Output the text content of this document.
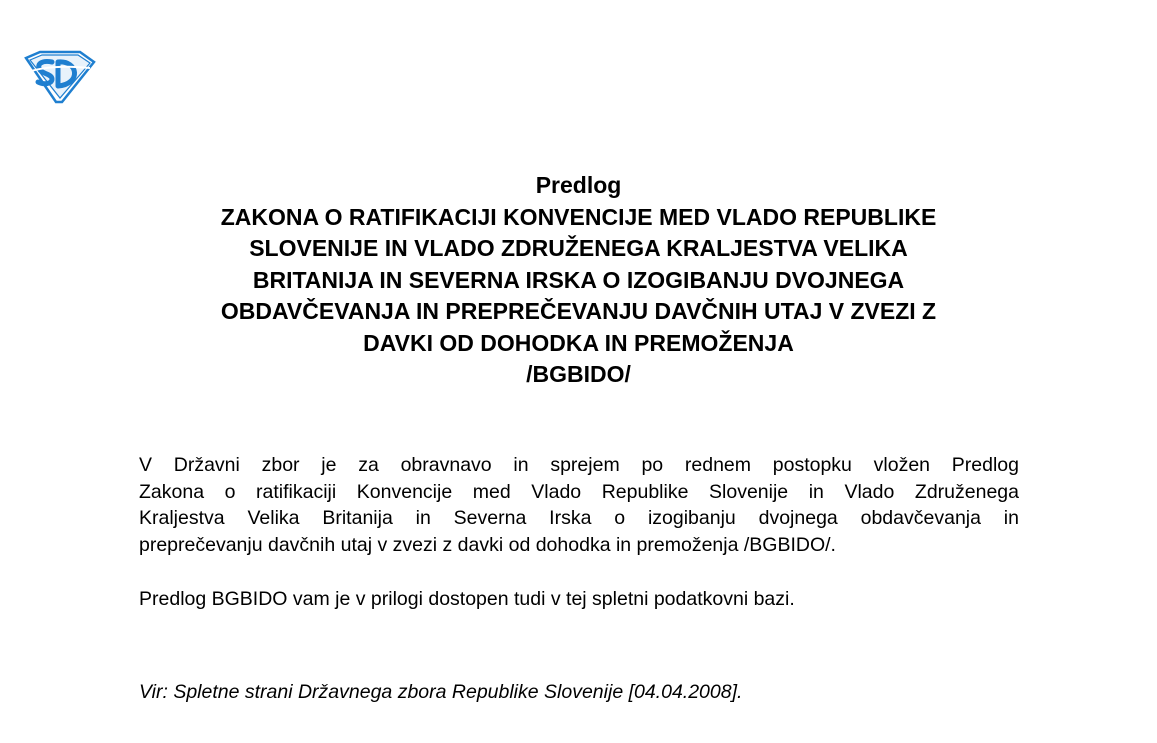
Predlog
ZAKONA O RATIFIKACIJI KONVENCIJE MED VLADO REPUBLIKE
SLOVENIJE IN VLADO ZDRUŽENEGA KRALJESTVA VELIKA
BRITANIJA IN SEVERNA IRSKA O IZOGIBANJU DVOJNEGA
OBDAVČEVANJA IN PREPREČEVANJU DAVČNIH UTAJ V ZVEZI Z
DAVKI OD DOHODKA IN PREMOŽENJA
/BGBIDO/
V Državni zbor je za obravnavo in sprejem po rednem postopku vložen Predlog
Zakona o ratifikaciji Konvencije med Vlado Republike Slovenije in Vlado Združenega
Kraljestva Velika Britanija in Severna Irska o izogibanju dvojnega obdavčevanja in
preprečevanju davčnih utaj v zvezi z davki od dohodka in premoženja /BGBIDO/.
Predlog BGBIDO vam je v prilogi dostopen tudi v tej spletni podatkovni bazi.
Vir: Spletne strani Državnega zbora Republike Slovenije [04.04.2008].
